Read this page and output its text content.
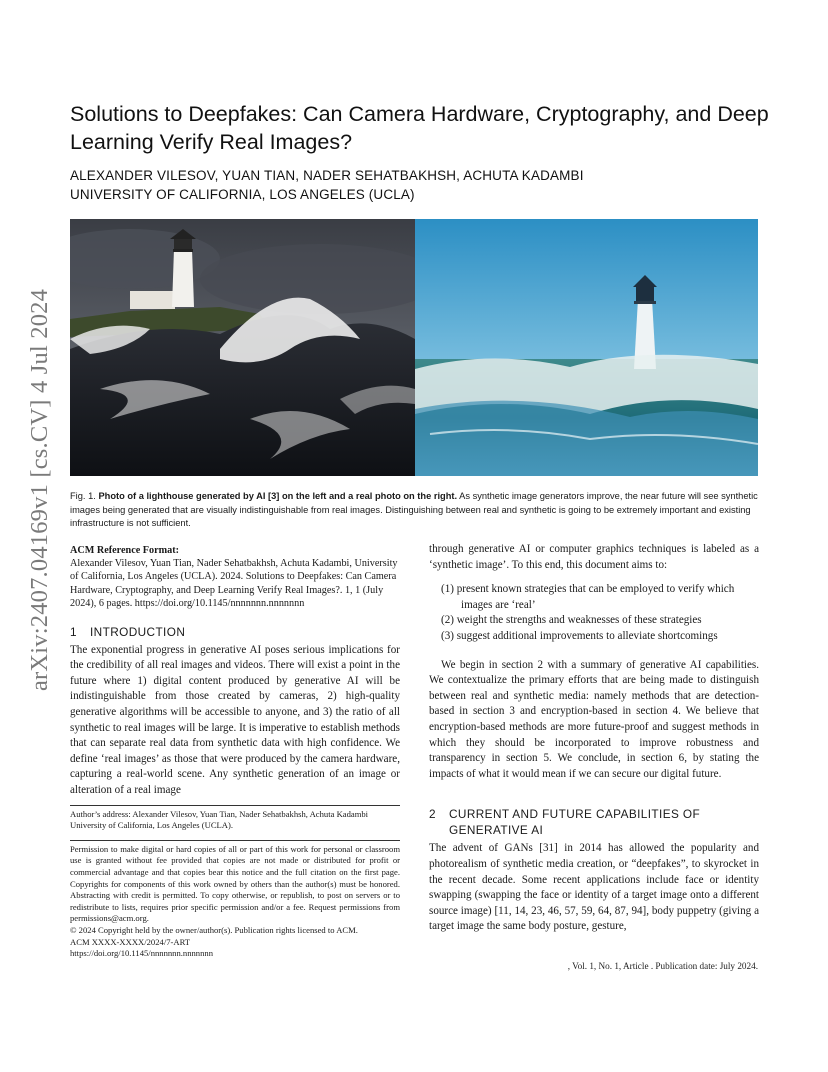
arXiv:2407.04169v1 [cs.CV] 4 Jul 2024
Solutions to Deepfakes: Can Camera Hardware, Cryptography, and Deep Learning Verify Real Images?
ALEXANDER VILESOV, YUAN TIAN, NADER SEHATBAKHSH, ACHUTA KADAMBI
UNIVERSITY OF CALIFORNIA, LOS ANGELES (UCLA)
Fig. 1. Photo of a lighthouse generated by AI [3] on the left and a real photo on the right. As synthetic image generators improve, the near future will see synthetic images being generated that are visually indistinguishable from real images. Distinguishing between real and synthetic is going to be extremely important and existing infrastructure is not sufficient.

ACM Reference Format:

Alexander Vilesov, Yuan Tian, Nader Sehatbakhsh, Achuta Kadambi, University of California, Los Angeles (UCLA). 2024. Solutions to Deepfakes: Can Camera Hardware, Cryptography, and Deep Learning Verify Real Images?. 1, 1 (July 2024), 6 pages. https://doi.org/10.1145/nnnnnnn.nnnnnnn

1 INTRODUCTION

The exponential progress in generative AI poses serious implications for the credibility of all real images and videos. There will exist a point in the future where 1) digital content produced by generative AI will be indistinguishable from those created by cameras, 2) high-quality generative algorithms will be accessible to anyone, and 3) the ratio of all synthetic to real images will be large. It is imperative to establish methods that can separate real data from synthetic data with high confidence. We define ‘real images’ as those that were produced by the camera hardware, capturing a real-world scene. Any synthetic generation of an image or alteration of a real image

Author’s address: Alexander Vilesov, Yuan Tian, Nader Sehatbakhsh, Achuta Kadambi University of California, Los Angeles (UCLA).

Permission to make digital or hard copies of all or part of this work for personal or classroom use is granted without fee provided that copies are not made or distributed for profit or commercial advantage and that copies bear this notice and the full citation on the first page. Copyrights for components of this work owned by others than the author(s) must be honored. Abstracting with credit is permitted. To copy otherwise, or republish, to post on servers or to redistribute to lists, requires prior specific permission and/or a fee. Request permissions from permissions@acm.org.

© 2024 Copyright held by the owner/author(s). Publication rights licensed to ACM.

ACM XXXX-XXXX/2024/7-ART

https://doi.org/10.1145/nnnnnnn.nnnnnnn

through generative AI or computer graphics techniques is labeled as a ‘synthetic image’. To this end, this document aims to:

(1) present known strategies that can be employed to verify which images are ‘real’
(2) weight the strengths and weaknesses of these strategies
(3) suggest additional improvements to alleviate shortcomings

We begin in section 2 with a summary of generative AI capabilities. We contextualize the primary efforts that are being made to distinguish between real and synthetic media: namely methods that are detection-based in section 3 and encryption-based in section 4. We believe that encryption-based methods are more future-proof and suggest methods in which they should be incorporated to improve robustness and transparency in section 5. We conclude, in section 6, by stating the impacts of what it would mean if we can secure our digital future.

2 CURRENT AND FUTURE CAPABILITIES OF
GENERATIVE AI

The advent of GANs [31] in 2014 has allowed the popularity and photorealism of synthetic media creation, or “deepfakes”, to skyrocket in the recent decade. Some recent applications include face or identity swapping (swapping the face or identity of a target image onto a different source image) [11, 14, 23, 46, 57, 59, 64, 87, 94], body puppetry (giving a target image the same body posture, gesture,

, Vol. 1, No. 1, Article . Publication date: July 2024.
